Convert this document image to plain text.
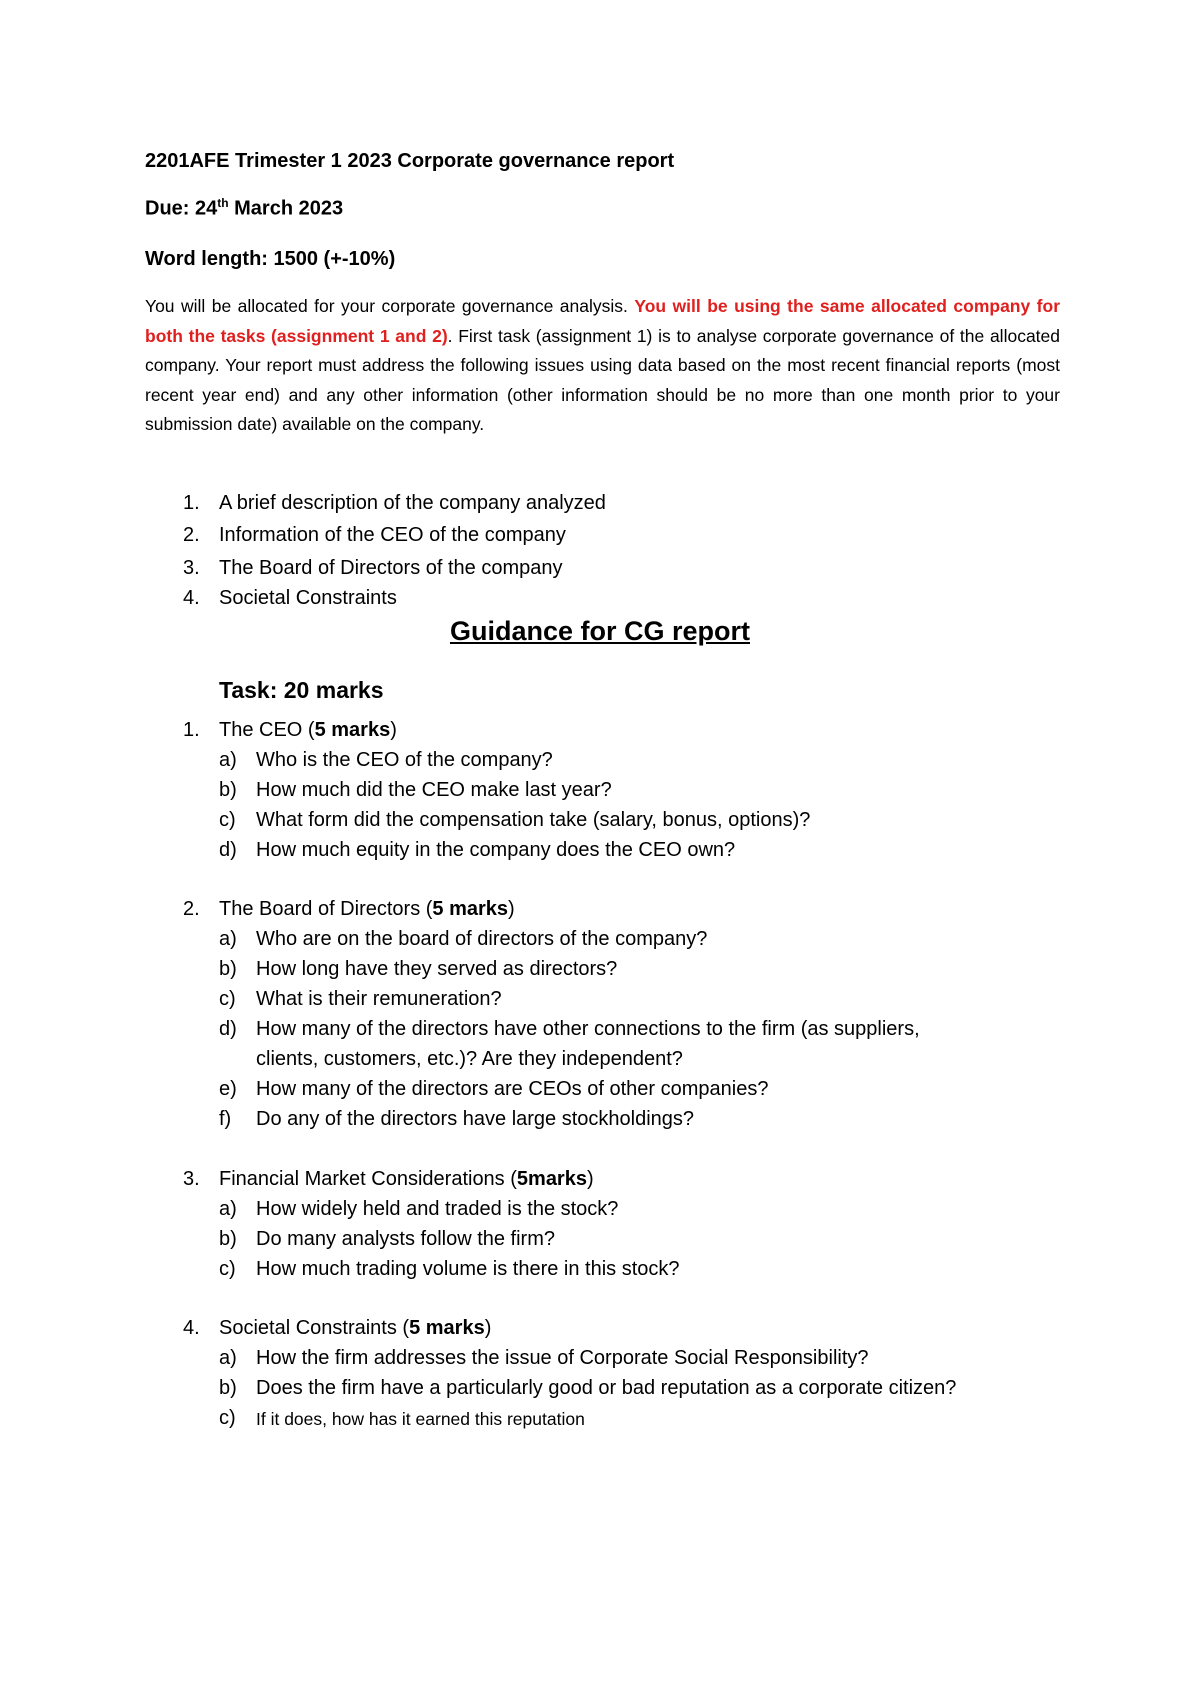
2201AFE Trimester 1 2023 Corporate governance report
Due: 24th March 2023
Word length: 1500 (+-10%)
You will be allocated for your corporate governance analysis. You will be using the same allocated company for both the tasks (assignment 1 and 2). First task (assignment 1) is to analyse corporate governance of the allocated company. Your report must address the following issues using data based on the most recent financial reports (most recent year end) and any other information (other information should be no more than one month prior to your submission date) available on the company.
1. A brief description of the company analyzed
2. Information of the CEO of the company
3. The Board of Directors of the company
4. Societal Constraints
Guidance for CG report
Task: 20 marks
1. The CEO (5 marks)
a) Who is the CEO of the company?
b) How much did the CEO make last year?
c) What form did the compensation take (salary, bonus, options)?
d) How much equity in the company does the CEO own?
2. The Board of Directors (5 marks)
a) Who are on the board of directors of the company?
b) How long have they served as directors?
c) What is their remuneration?
d) How many of the directors have other connections to the firm (as suppliers,
clients, customers, etc.)? Are they independent?
e) How many of the directors are CEOs of other companies?
f) Do any of the directors have large stockholdings?
3. Financial Market Considerations (5marks)
a) How widely held and traded is the stock?
b) Do many analysts follow the firm?
c) How much trading volume is there in this stock?
4. Societal Constraints (5 marks)
a) How the firm addresses the issue of Corporate Social Responsibility?
b) Does the firm have a particularly good or bad reputation as a corporate citizen?
c) If it does, how has it earned this reputation
